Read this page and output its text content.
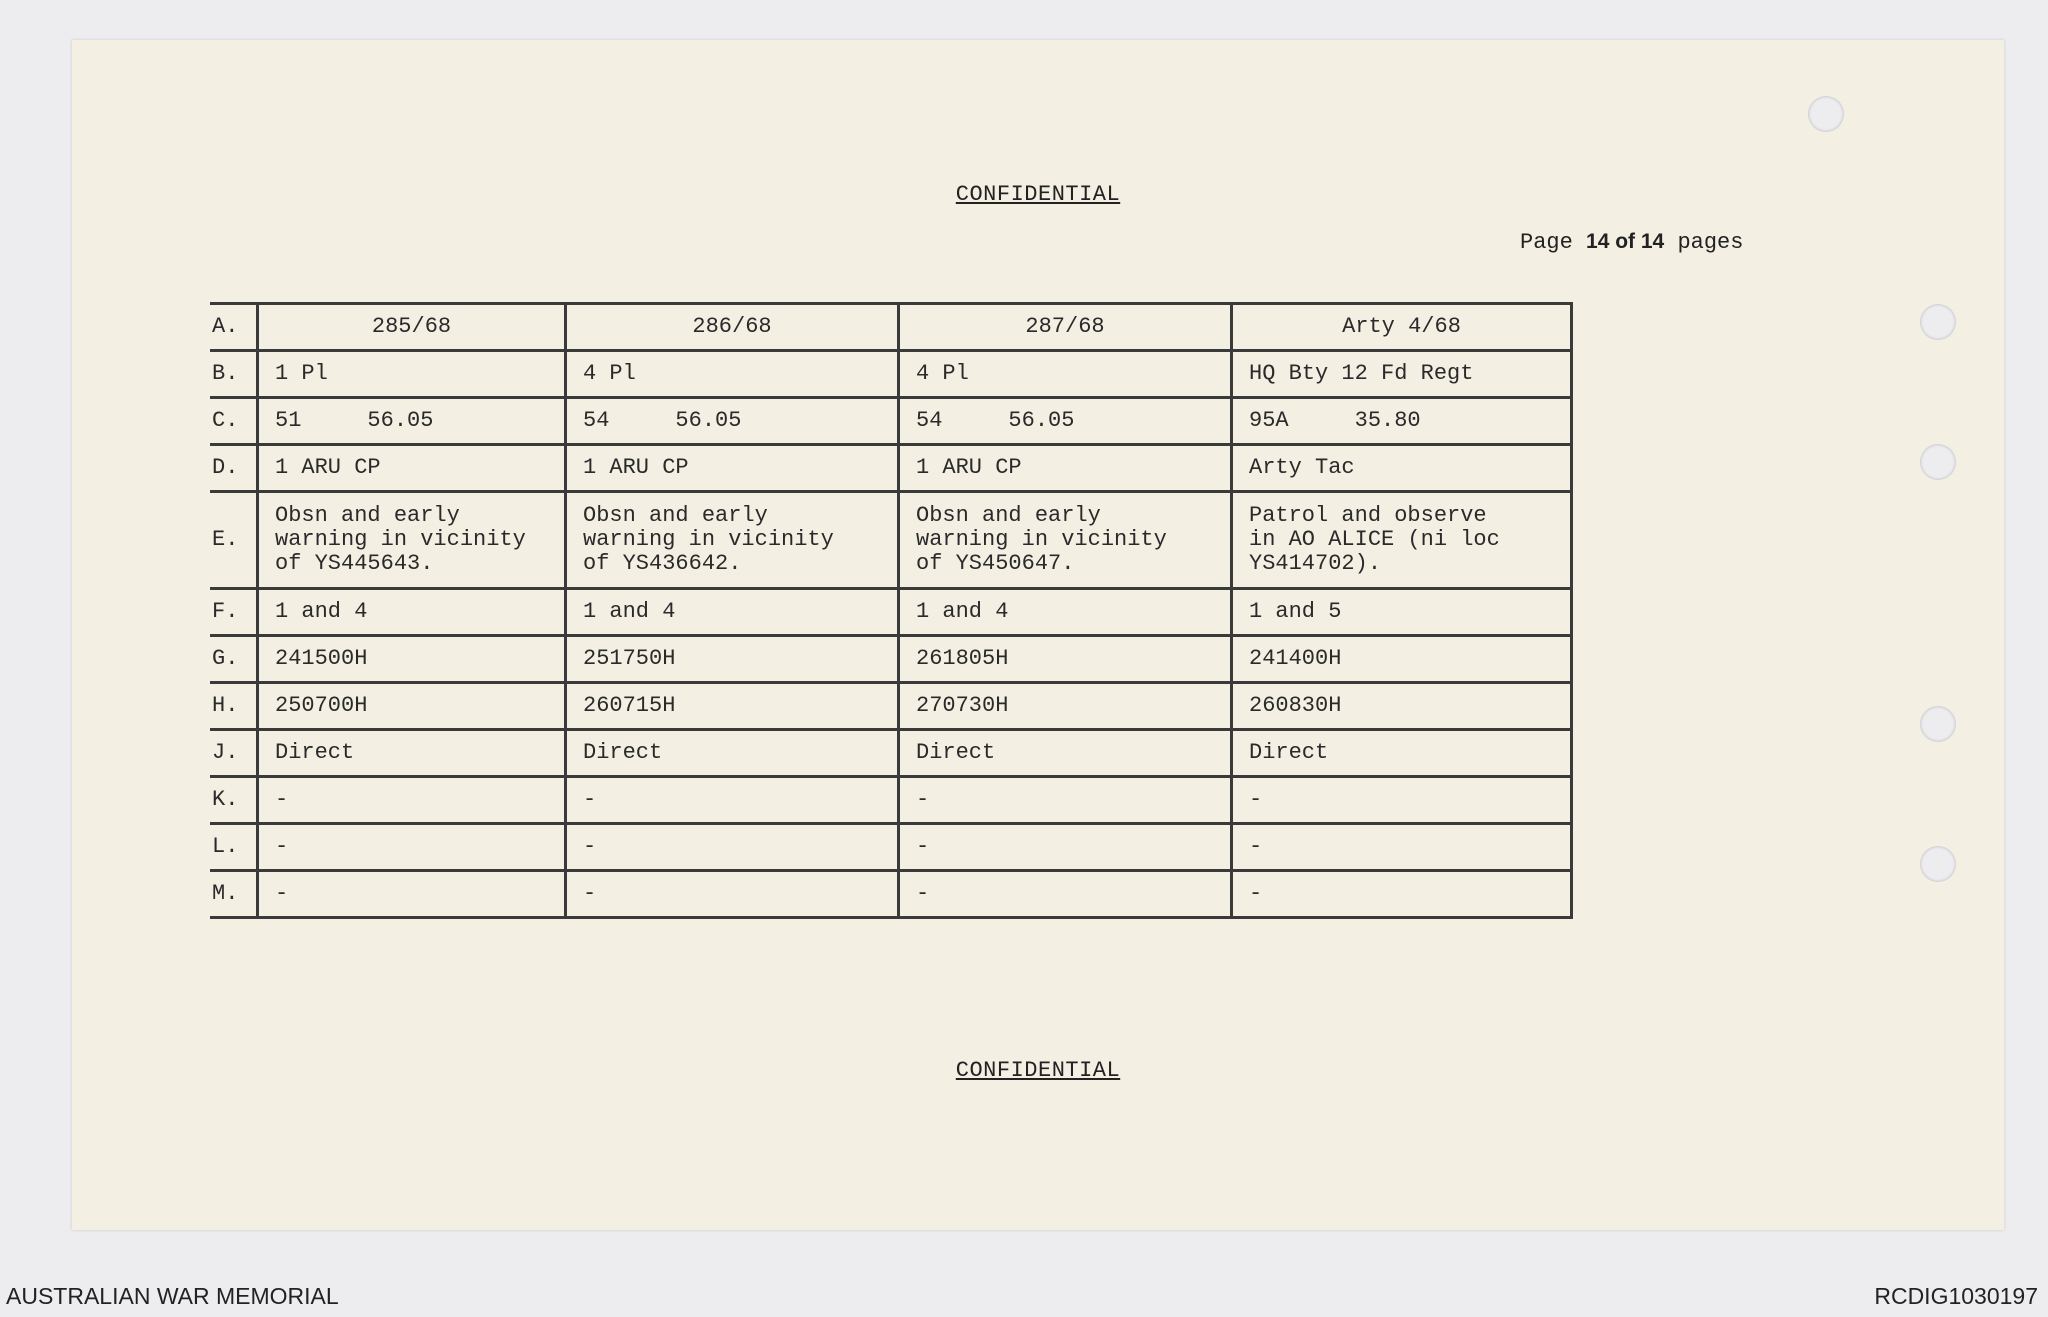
CONFIDENTIAL
Page 14 of 14 pages
A.	285/68	286/68	287/68	Arty 4/68
B.	1 Pl	4 Pl	4 Pl	HQ Bty 12 Fd Regt
C.	51     56.05	54     56.05	54     56.05	95A     35.80
D.	1 ARU CP	1 ARU CP	1 ARU CP	Arty Tac
E.	Obsn and early
warning in vicinity
of YS445643.	Obsn and early
warning in vicinity
of YS436642.	Obsn and early
warning in vicinity
of YS450647.	Patrol and observe
in AO ALICE (ni loc
YS414702).
F.	1 and 4	1 and 4	1 and 4	1 and 5
G.	241500H	251750H	261805H	241400H
H.	250700H	260715H	270730H	260830H
J.	Direct	Direct	Direct	Direct
K.	-	-	-	-
L.	-	-	-	-
M.	-	-	-	-
CONFIDENTIAL
AUSTRALIAN WAR MEMORIAL	RCDIG1030197
